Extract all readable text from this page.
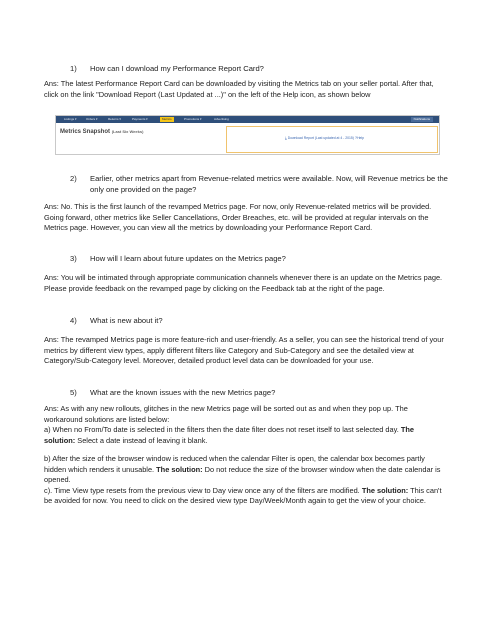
1) How can I download my Performance Report Card?

Ans: The latest Performance Report Card can be downloaded by visiting the Metrics tab on your seller portal. After that, click on the link "Download Report (Last Updated at ...)" on the left of the Help icon, as shown below

Listings ▾	Orders ▾	Returns ▾	Payments ▾	Metrics	Promotions ▾	Advertising	Notifications
Metrics Snapshot (Last Six Weeks)
⤓ Download Report (Last updated at 4 - 2015) ?Help
2) Earlier, other metrics apart from Revenue-related metrics were available. Now, will Revenue metrics be the only one provided on the page?

Ans: No. This is the first launch of the revamped Metrics page. For now, only Revenue-related metrics will be provided. Going forward, other metrics like Seller Cancellations, Order Breaches, etc. will be provided at regular intervals on the Metrics page. However, you can view all the metrics by downloading your Performance Report Card.

3) How will I learn about future updates on the Metrics page?

Ans: You will be intimated through appropriate communication channels whenever there is an update on the Metrics page. Please provide feedback on the revamped page by clicking on the Feedback tab at the right of the page.

4) What is new about it?

Ans: The revamped Metrics page is more feature-rich and user-friendly. As a seller, you can see the historical trend of your metrics by different view types, apply different filters like Category and Sub-Category and see the detailed view at Category/Sub-Category level. Moreover, detailed product level data can be downloaded for your use.

5) What are the known issues with the new Metrics page?

Ans: As with any new rollouts, glitches in the new Metrics page will be sorted out as and when they pop up. The workaround solutions are listed below:

a) When no From/To date is selected in the filters then the date filter does not reset itself to last selected day. The solution: Select a date instead of leaving it blank.

b) After the size of the browser window is reduced when the calendar Filter is open, the calendar box becomes partly hidden which renders it unusable. The solution: Do not reduce the size of the browser window when the date calendar is opened.

c). Time View type resets from the previous view to Day view once any of the filters are modified. The solution: This can't be avoided for now. You need to click on the desired view type Day/Week/Month again to get the view of your choice.
